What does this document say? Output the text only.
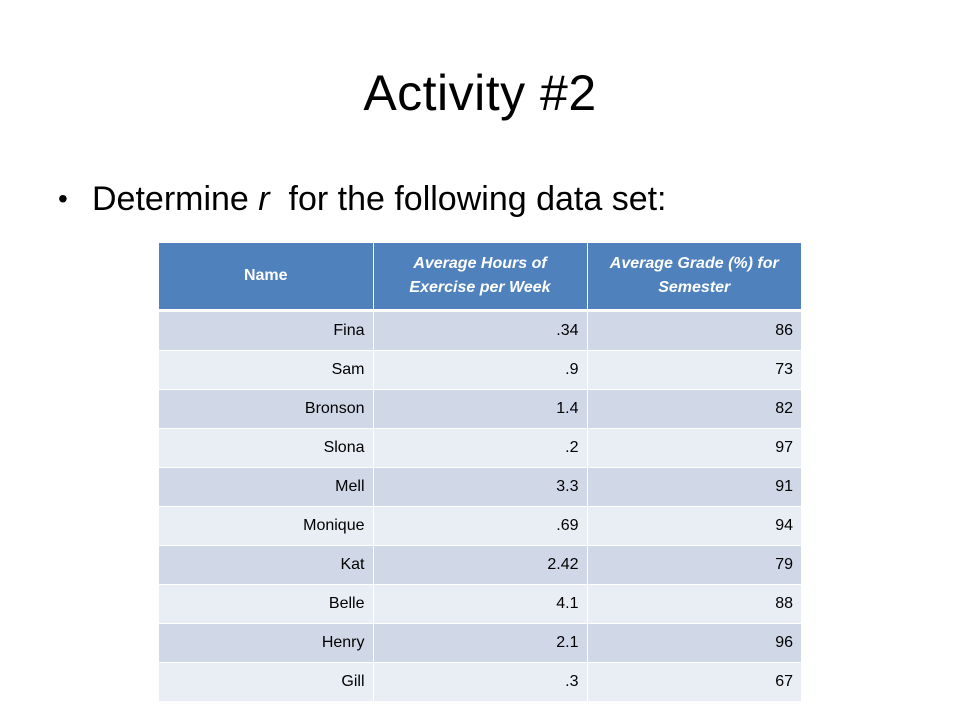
Activity #2
• Determine r  for the following data set:
Name	Average Hours of Exercise per Week	Average Grade (%) for Semester
Fina	.34	86
Sam	.9	73
Bronson	1.4	82
Slona	.2	97
Mell	3.3	91
Monique	.69	94
Kat	2.42	79
Belle	4.1	88
Henry	2.1	96
Gill	.3	67
